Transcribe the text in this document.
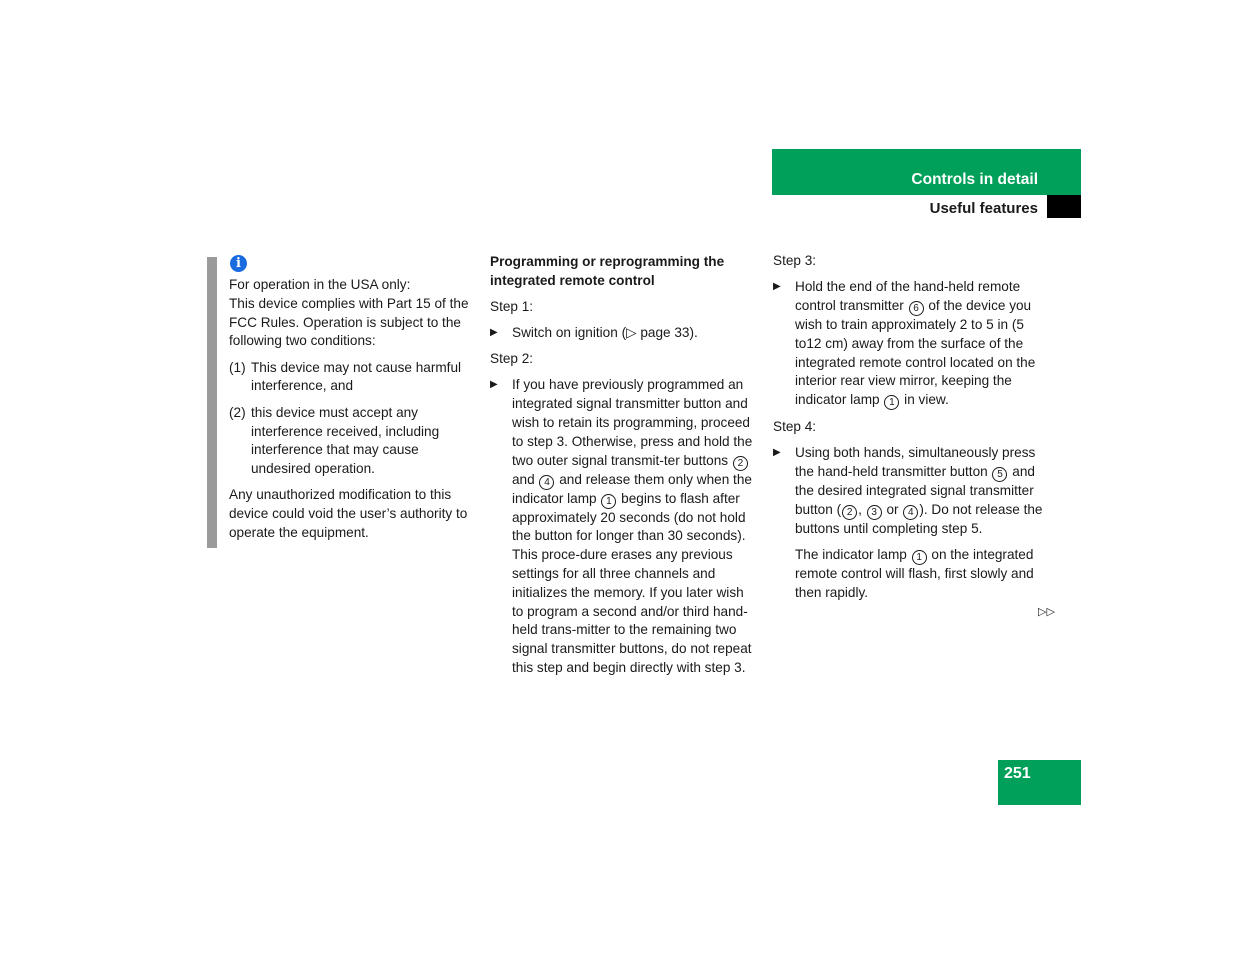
Controls in detail
Useful features
i

For operation in the USA only:
This device complies with Part 15 of the FCC Rules. Operation is subject to the following two conditions:

(1) This device may not cause harmful interference, and
(2) this device must accept any interference received, including interference that may cause undesired operation.

Any unauthorized modification to this device could void the user’s authority to operate the equipment.

Programming or reprogramming the integrated remote control

Step 1:

▶ Switch on ignition (▷ page 33).

Step 2:

▶ If you have previously programmed an integrated signal transmitter button and wish to retain its programming, proceed to step 3. Otherwise, press and hold the two outer signal transmit-ter buttons 2 and 4 and release them only when the indicator lamp 1 begins to flash after approximately 20 seconds (do not hold the button for longer than 30 seconds). This proce-dure erases any previous settings for all three channels and initializes the memory. If you later wish to program a second and/or third hand-held trans-mitter to the remaining two signal transmitter buttons, do not repeat this step and begin directly with step 3.

Step 3:

▶ Hold the end of the hand-held remote control transmitter 6 of the device you wish to train approximately 2 to 5 in (5 to12 cm) away from the surface of the integrated remote control located on the interior rear view mirror, keeping the indicator lamp 1 in view.

Step 4:

▶ Using both hands, simultaneously press the hand-held transmitter button 5 and the desired integrated signal transmitter button ( 2 , 3 or 4 ). Do not release the buttons until completing step 5.

The indicator lamp 1 on the integrated remote control will flash, first slowly and then rapidly.

▷▷
251
